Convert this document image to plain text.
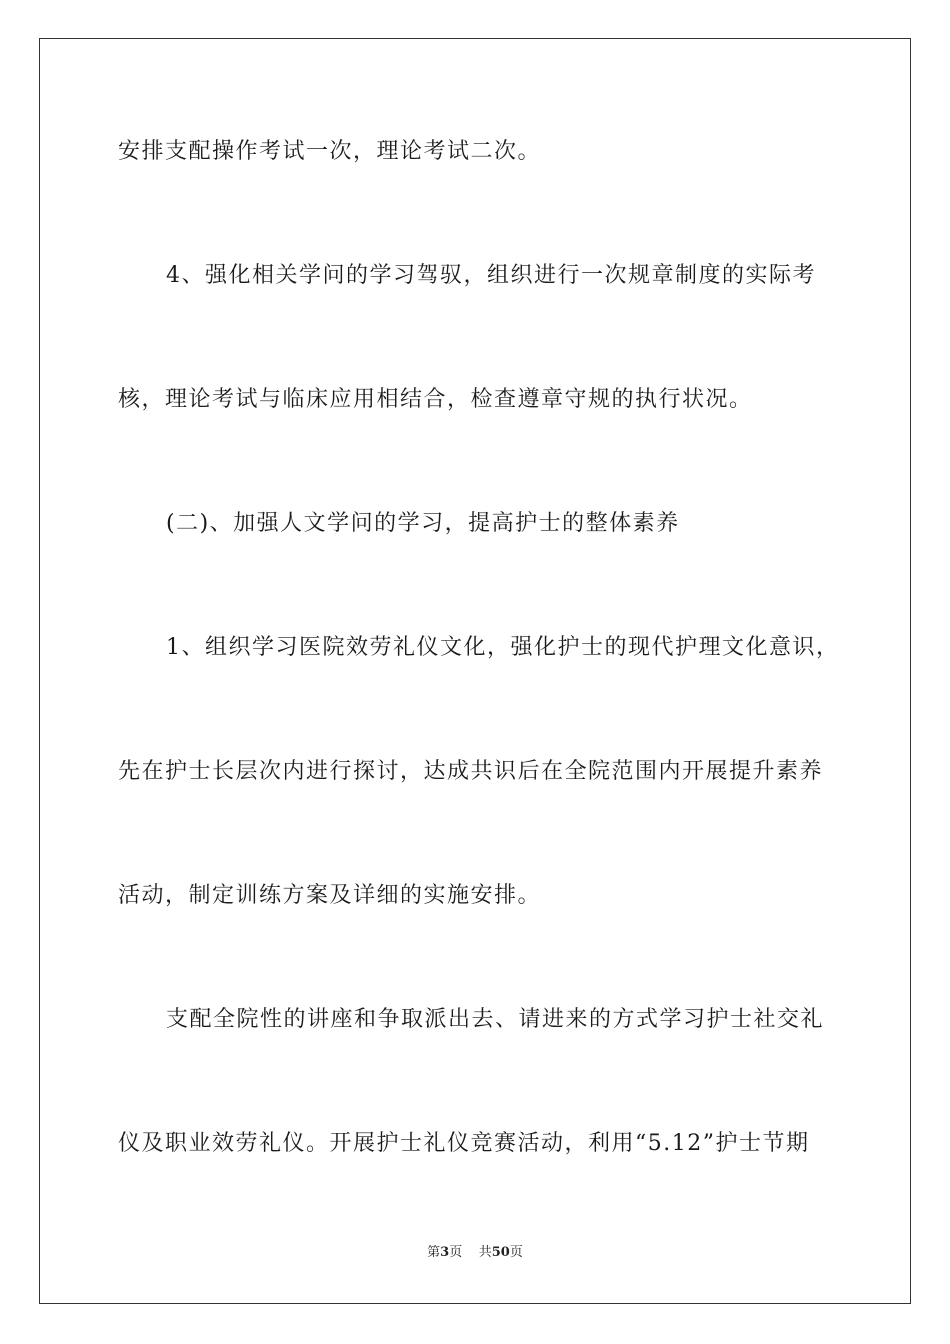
安排支配操作考试一次，理论考试二次。
4、强化相关学问的学习驾驭，组织进行一次规章制度的实际考
核，理论考试与临床应用相结合，检查遵章守规的执行状况。
(二)、加强人文学问的学习，提高护士的整体素养
1、组织学习医院效劳礼仪文化，强化护士的现代护理文化意识，
先在护士长层次内进行探讨，达成共识后在全院范围内开展提升素养
活动，制定训练方案及详细的实施安排。
支配全院性的讲座和争取派出去、请进来的方式学习护士社交礼
仪及职业效劳礼仪。开展护士礼仪竞赛活动，利用“5.12”护士节期
第3页 共50页
